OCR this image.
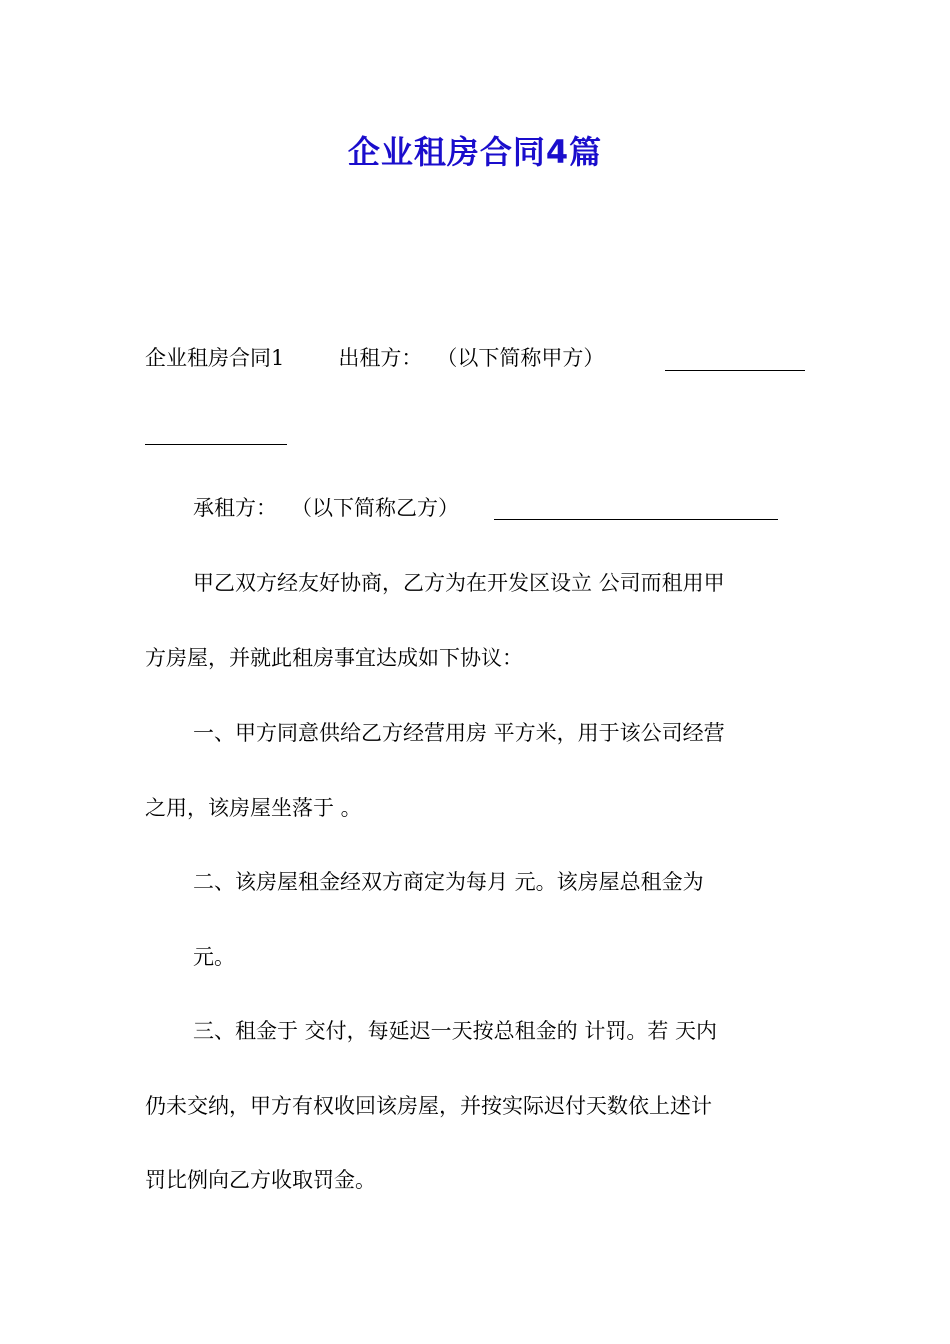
企业租房合同4篇
企业租房合同1	出租方： （以下简称甲方）
承租方： （以下简称乙方）
甲乙双方经友好协商，乙方为在开发区设立 公司而租用甲
方房屋，并就此租房事宜达成如下协议：
一、甲方同意供给乙方经营用房 平方米，用于该公司经营
之用，该房屋坐落于 。
二、该房屋租金经双方商定为每月 元。该房屋总租金为
元。
三、租金于 交付，每延迟一天按总租金的 计罚。若 天内
仍未交纳，甲方有权收回该房屋，并按实际迟付天数依上述计
罚比例向乙方收取罚金。
